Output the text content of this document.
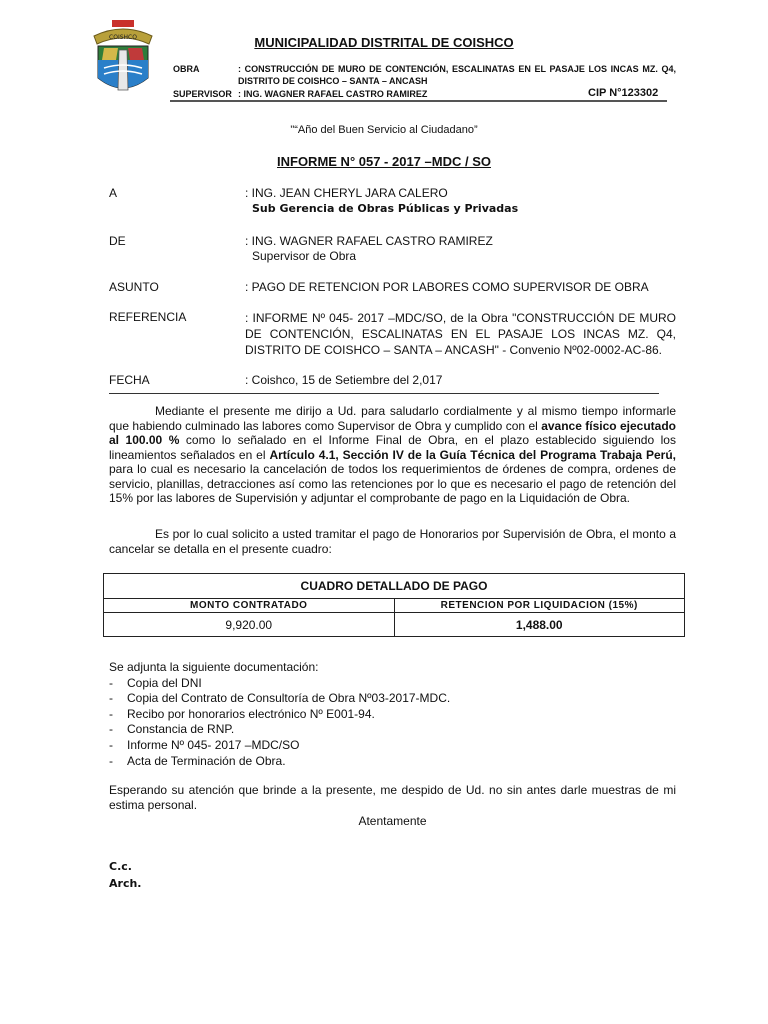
COISHCO	MUNICIPALIDAD DISTRITAL DE COISHCO
OBRA	: CONSTRUCCIÓN DE MURO DE CONTENCIÓN, ESCALINATAS EN EL PASAJE LOS INCAS MZ. Q4,
DISTRITO DE COISHCO – SANTA – ANCASH
SUPERVISOR : ING. WAGNER RAFAEL CASTRO RAMIREZ	CIP N°123302
"“Año del Buen Servicio al Ciudadano”
INFORME N° 057 - 2017 –MDC / SO
A	: ING. JEAN CHERYL JARA CALERO
Sub Gerencia de Obras Públicas y Privadas
DE	: ING. WAGNER RAFAEL CASTRO RAMIREZ
Supervisor de Obra
ASUNTO	: PAGO DE RETENCION POR LABORES COMO SUPERVISOR DE OBRA
REFERENCIA	: INFORME Nº 045- 2017 –MDC/SO, de la Obra "CONSTRUCCIÓN DE MURO DE CONTENCIÓN, ESCALINATAS EN EL PASAJE LOS INCAS MZ. Q4, DISTRITO DE COISHCO – SANTA – ANCASH" - Convenio Nº02-0002-AC-86.
FECHA	: Coishco, 15 de Setiembre del 2,017
Mediante el presente me dirijo a Ud. para saludarlo cordialmente y al mismo tiempo informarle que habiendo culminado las labores como Supervisor de Obra y cumplido con el avance físico ejecutado al 100.00 % como lo señalado en el Informe Final de Obra, en el plazo establecido siguiendo los lineamientos señalados en el Artículo 4.1, Sección IV de la Guía Técnica del Programa Trabaja Perú, para lo cual es necesario la cancelación de todos los requerimientos de órdenes de compra, ordenes de servicio, planillas, detracciones así como las retenciones por lo que es necesario el pago de retención del 15% por las labores de Supervisión y adjuntar el comprobante de pago en la Liquidación de Obra.
Es por lo cual solicito a usted tramitar el pago de Honorarios por Supervisión de Obra, el monto a cancelar se detalla en el presente cuadro:
CUADRO DETALLADO DE PAGO	
MONTO CONTRATADO	RETENCION POR LIQUIDACION (15%)
9,920.00	1,488.00
Se adjunta la siguiente documentación:
- Copia del DNI
- Copia del Contrato de Consultoría de Obra Nº03-2017-MDC.
- Recibo por honorarios electrónico Nº E001-94.
- Constancia de RNP.
- Informe Nº 045- 2017 –MDC/SO
- Acta de Terminación de Obra.
Esperando su atención que brinde a la presente, me despido de Ud. no sin antes darle muestras de mi estima personal.
Atentamente
C.c.
Arch.
